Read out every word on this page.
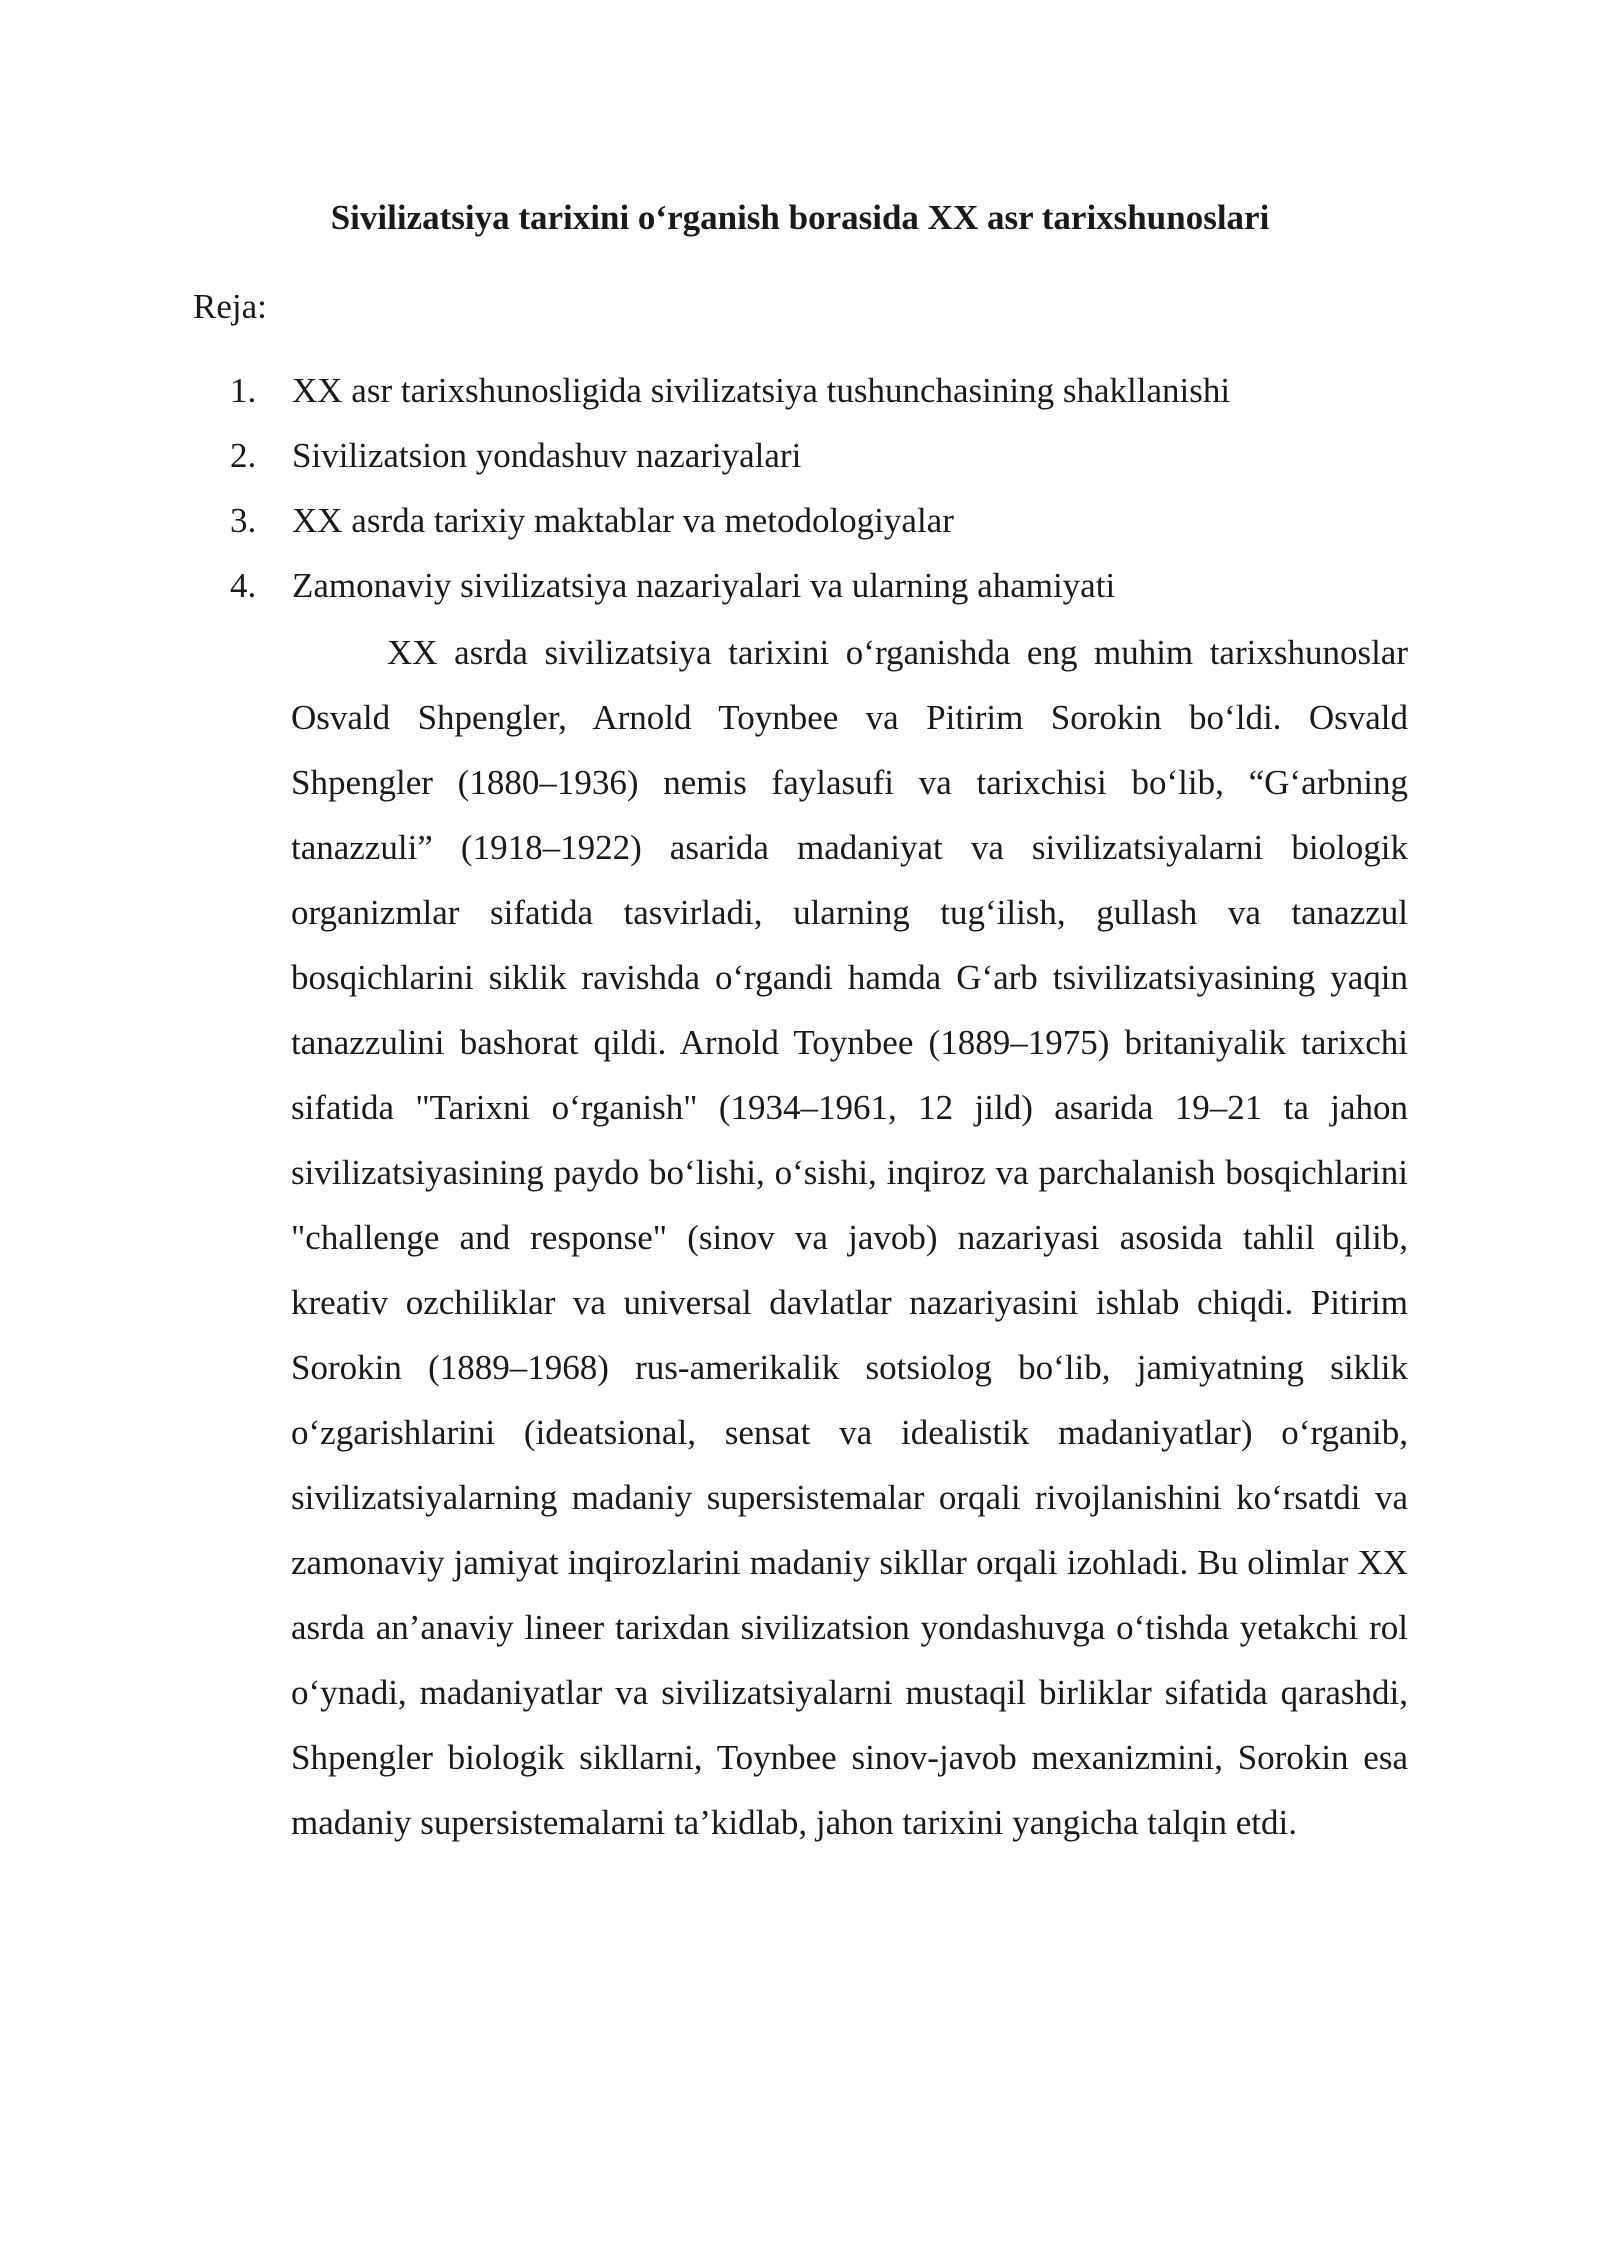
Sivilizatsiya tarixini o‘rganish borasida XX asr tarixshunoslari

Reja:

1. XX asr tarixshunosligida sivilizatsiya tushunchasining shakllanishi
2. Sivilizatsion yondashuv nazariyalari
3. XX asrda tarixiy maktablar va metodologiyalar
4. Zamonaviy sivilizatsiya nazariyalari va ularning ahamiyati

XX asrda sivilizatsiya tarixini o‘rganishda eng muhim tarixshunoslar Osvald Shpengler, Arnold Toynbee va Pitirim Sorokin bo‘ldi. Osvald Shpengler (1880–1936) nemis faylasufi va tarixchisi bo‘lib, “G‘arbning tanazzuli” (1918–1922) asarida madaniyat va sivilizatsiyalarni biologik organizmlar sifatida tasvirladi, ularning tug‘ilish, gullash va tanazzul bosqichlarini siklik ravishda o‘rgandi hamda G‘arb tsivilizatsiyasining yaqin tanazzulini bashorat qildi. Arnold Toynbee (1889–1975) britaniyalik tarixchi sifatida "Tarixni o‘rganish" (1934–1961, 12 jild) asarida 19–21 ta jahon sivilizatsiyasining paydo bo‘lishi, o‘sishi, inqiroz va parchalanish bosqichlarini "challenge and response" (sinov va javob) nazariyasi asosida tahlil qilib, kreativ ozchiliklar va universal davlatlar nazariyasini ishlab chiqdi. Pitirim Sorokin (1889–1968) rus-amerikalik sotsiolog bo‘lib, jamiyatning siklik o‘zgarishlarini (ideatsional, sensat va idealistik madaniyatlar) o‘rganib, sivilizatsiyalarning madaniy supersistemalar orqali rivojlanishini ko‘rsatdi va zamonaviy jamiyat inqirozlarini madaniy sikllar orqali izohladi. Bu olimlar XX asrda an’anaviy lineer tarixdan sivilizatsion yondashuvga o‘tishda yetakchi rol o‘ynadi, madaniyatlar va sivilizatsiyalarni mustaqil birliklar sifatida qarashdi, Shpengler biologik sikllarni, Toynbee sinov-javob mexanizmini, Sorokin esa madaniy supersistemalarni ta’kidlab, jahon tarixini yangicha talqin etdi.
